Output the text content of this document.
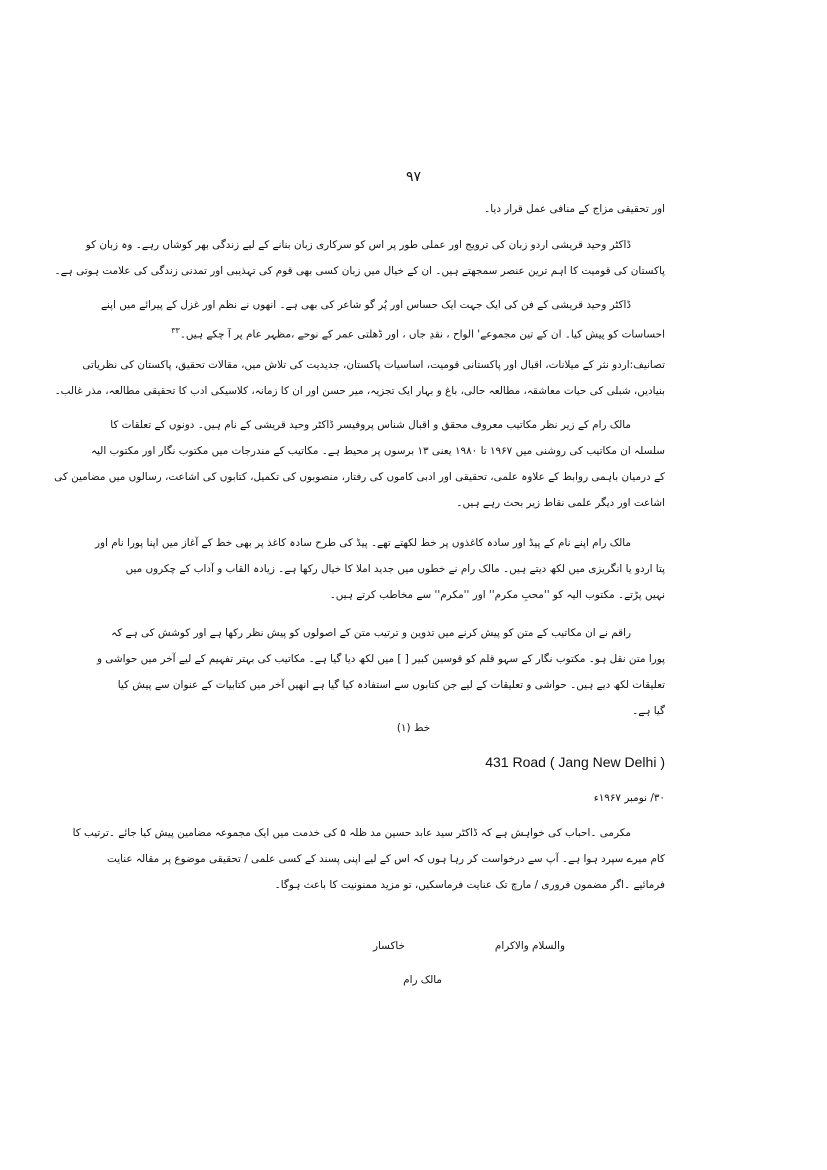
۹۷
اور تحقیقی مزاج کے منافی عمل قرار دیا۔
ڈاکٹر وحید قریشی اردو زبان کی ترویج اور عملی طور پر اس کو سرکاری زبان بنانے کے لیے زندگی بھر کوشاں رہے۔ وہ زبان کو
پاکستان کی قومیت کا اہم ترین عنصر سمجھتے ہیں۔ ان کے خیال میں زبان کسی بھی قوم کی تہذیبی اور تمدنی زندگی کی علامت ہوتی ہے۔
ڈاکٹر وحید قریشی کے فن کی ایک جہت ایک حساس اور پُر گو شاعر کی بھی ہے۔ انھوں نے نظم اور غزل کے پیرائے میں اپنے
احساسات کو پیش کیا۔ ان کے تین مجموعے' الواح ، نقدِ جاں ، اور ڈھلتی عمر کے نوحے ،مظہر عام پر آ چکے ہیں۔$^{۳۳}$
تصانیف:اردو نثر کے میلانات، اقبال اور پاکستانی قومیت، اساسیات پاکستان، جدیدیت کی تلاش میں، مقالات تحقیق، پاکستان کی نظریاتی
بنیادیں، شبلی کی حیات معاشقہ، مطالعہ حالی، باغ و بہار ایک تجزیہ، میر حسن اور ان کا زمانہ، کلاسیکی ادب کا تحقیقی مطالعہ، مذر غالب۔
مالک رام کے زیر نظر مکاتیب معروف محقق و اقبال شناس پروفیسر ڈاکٹر وحید قریشی کے نام ہیں۔ دونوں کے تعلقات کا
سلسلہ ان مکاتیب کی روشنی میں ۱۹۶۷ تا ۱۹۸۰ یعنی ۱۳ برسوں پر محیط ہے۔ مکاتیب کے مندرجات میں مکتوب نگار اور مکتوب الیہ
کے درمیان باہمی روابط کے علاوہ علمی، تحقیقی اور ادبی کاموں کی رفتار، منصوبوں کی تکمیل، کتابوں کی اشاعت، رسالوں میں مضامین کی
اشاعت اور دیگر علمی نقاط زیر بحث رہے ہیں۔
مالک رام اپنے نام کے پیڈ اور سادہ کاغذوں پر خط لکھتے تھے۔ پیڈ کی طرح سادہ کاغذ پر بھی خط کے آغاز میں اپنا پورا نام اور
پتا اردو یا انگریزی میں لکھ دیتے ہیں۔ مالک رام نے خطوں میں جدید املا کا خیال رکھا ہے۔ زیادہ القاب و آداب کے چکروں میں
نہیں پڑتے۔ مکتوب الیہ کو ''محبِ مکرم'' اور ''مکرم'' سے مخاطب کرتے ہیں۔
راقم نے ان مکاتیب کے متن کو پیش کرنے میں تدوین و ترتیب متن کے اصولوں کو پیش نظر رکھا ہے اور کوشش کی ہے کہ
پورا متن نقل ہو۔ مکتوب نگار کے سہو قلم کو قوسین کبیر [ ] میں لکھ دیا گیا ہے۔ مکاتیب کی بہتر تفہیم کے لیے آخر میں حواشی و
تعلیقات لکھ دیے ہیں۔ حواشی و تعلیقات کے لیے جن کتابوں سے استفادہ کیا گیا ہے انھیں آخر میں کتابیات کے عنوان سے پیش کیا
گیا ہے۔
خط (۱)
431 Road ( Jang New Delhi )
۳۰/ نومبر ۱۹۶۷ء
مکرمی ۔احباب کی خواہش ہے کہ ڈاکٹر سید عابد حسین مد ظلہ ۵ کی خدمت میں ایک مجموعہ مضامین پیش کیا جائے ۔ترتیب کا
کام میرے سپرد ہوا ہے۔ آپ سے درخواست کر رہا ہوں کہ اس کے لیے اپنی پسند کے کسی علمی / تحقیقی موضوع پر مقالہ عنایت
فرمائیے ۔اگر مضمون فروری / مارچ تک عنایت فرماسکیں، تو مزید ممنونیت کا باعث ہوگا۔
والسلام والاکرام
خاکسار
مالک رام
